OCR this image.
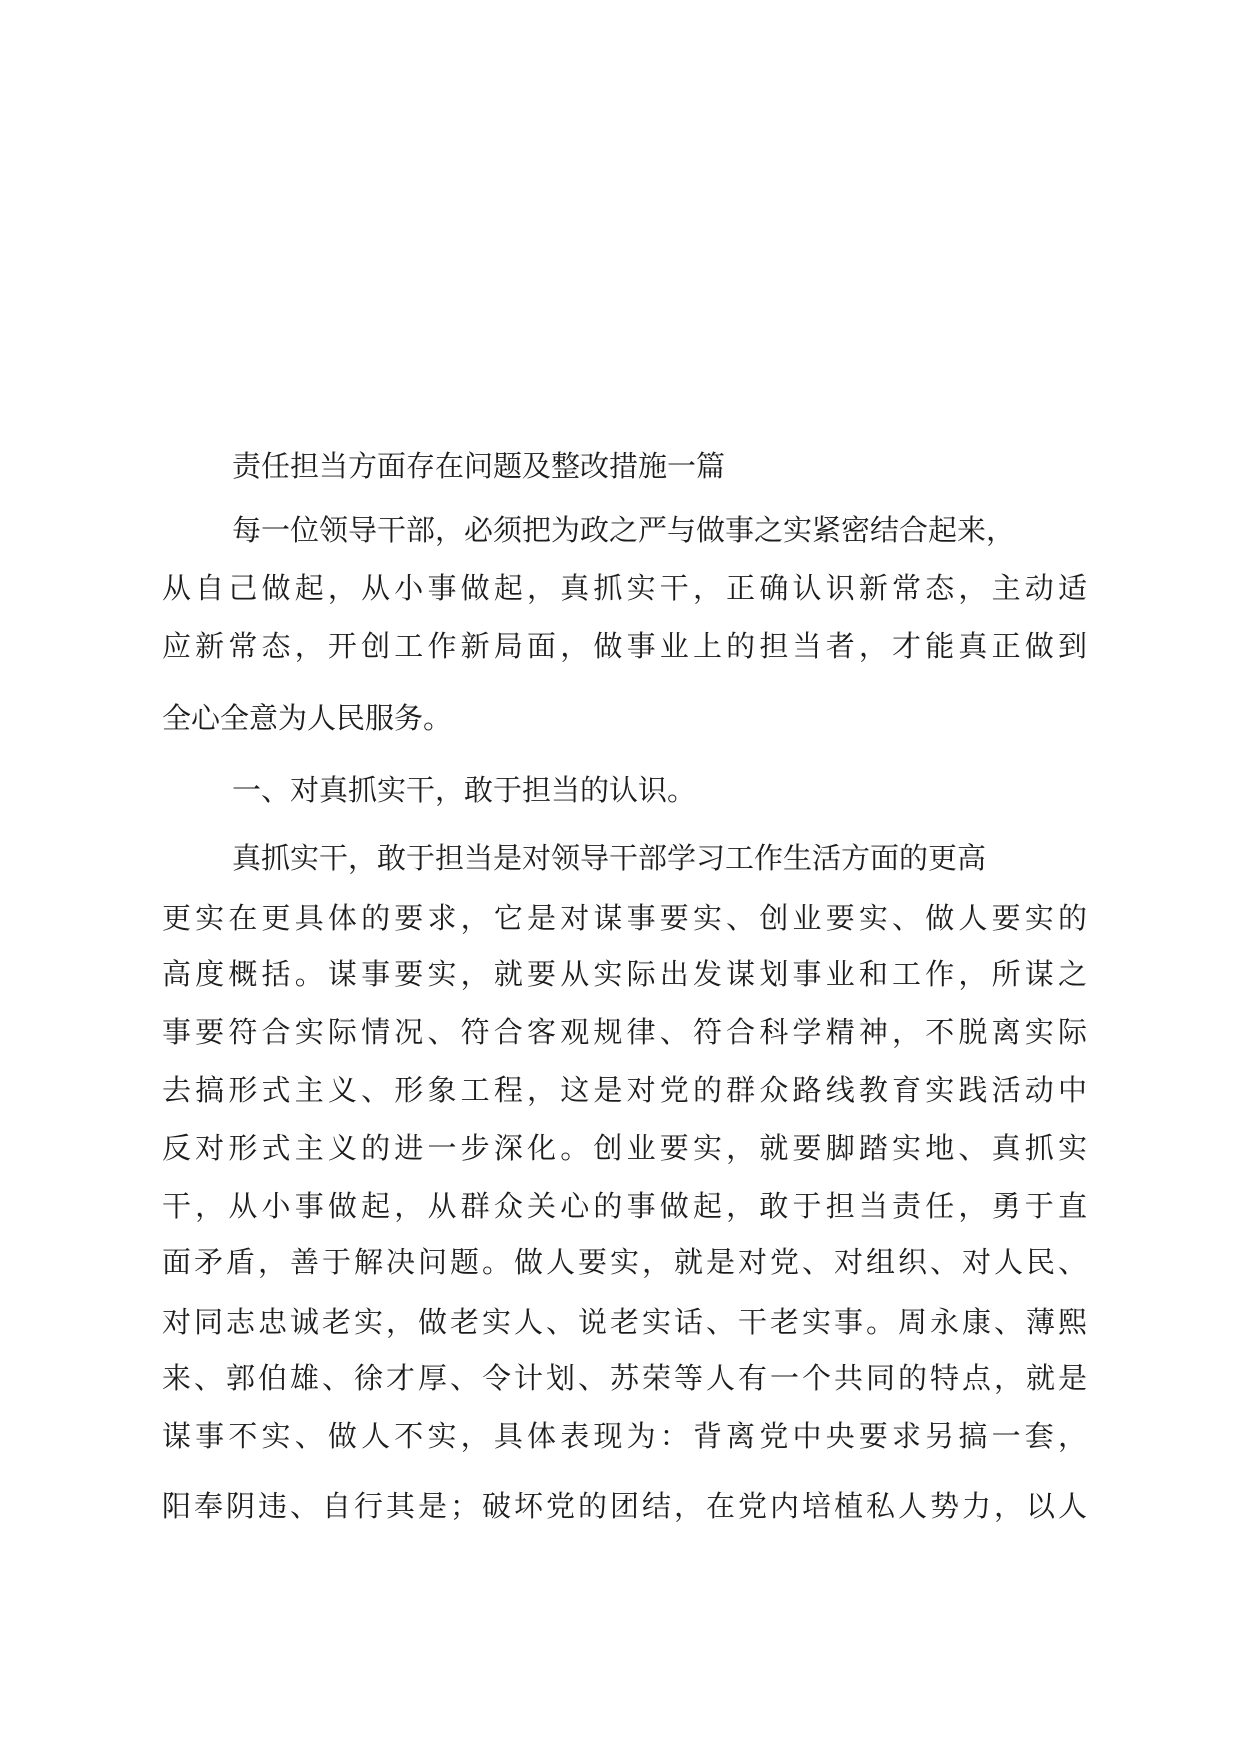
责任担当方面存在问题及整改措施一篇
每一位领导干部，必须把为政之严与做事之实紧密结合起来，
从自己做起，从小事做起，真抓实干，正确认识新常态，主动适
应新常态，开创工作新局面，做事业上的担当者，才能真正做到
全心全意为人民服务。
一、对真抓实干，敢于担当的认识。
真抓实干，敢于担当是对领导干部学习工作生活方面的更高
更实在更具体的要求，它是对谋事要实、创业要实、做人要实的
高度概括。谋事要实，就要从实际出发谋划事业和工作，所谋之
事要符合实际情况、符合客观规律、符合科学精神，不脱离实际
去搞形式主义、形象工程，这是对党的群众路线教育实践活动中
反对形式主义的进一步深化。创业要实，就要脚踏实地、真抓实
干，从小事做起，从群众关心的事做起，敢于担当责任，勇于直
面矛盾，善于解决问题。做人要实，就是对党、对组织、对人民、
对同志忠诚老实，做老实人、说老实话、干老实事。周永康、薄熙
来、郭伯雄、徐才厚、令计划、苏荣等人有一个共同的特点，就是
谋事不实、做人不实，具体表现为：背离党中央要求另搞一套，
阳奉阴违、自行其是；破坏党的团结，在党内培植私人势力，以人
